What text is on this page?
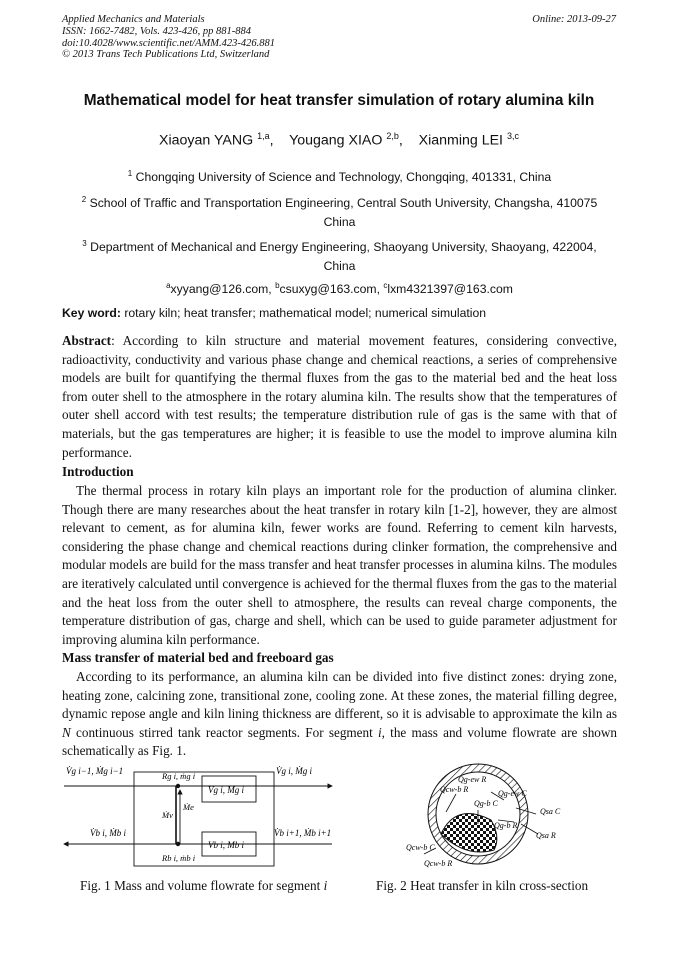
Applied Mechanics and Materials
ISSN: 1662-7482, Vols. 423-426, pp 881-884
doi:10.4028/www.scientific.net/AMM.423-426.881
© 2013 Trans Tech Publications Ltd, Switzerland
Online: 2013-09-27
Mathematical model for heat transfer simulation of rotary alumina kiln
Xiaoyan YANG $^{1,a}$,    Yougang XIAO $^{2,b}$,    Xianming LEI $^{3,c}$
$^1$ Chongqing University of Science and Technology, Chongqing, 401331, China
$^2$ School of Traffic and Transportation Engineering, Central South University, Changsha, 410075
China
$^3$ Department of Mechanical and Energy Engineering, Shaoyang University, Shaoyang, 422004,
China
$^a$xyyang@126.com, $^b$csuxyg@163.com, $^c$lxm4321397@163.com
Key word: rotary kiln; heat transfer; mathematical model; numerical simulation
Abstract: According to kiln structure and material movement features, considering convective, radioactivity, conductivity and various phase change and chemical reactions, a series of comprehensive models are built for quantifying the thermal fluxes from the gas to the material bed and the heat loss from outer shell to the atmosphere in the rotary alumina kiln. The results show that the temperatures of outer shell accord with test results; the temperature distribution rule of gas is the same with that of materials, but the gas temperatures are higher; it is feasible to use the model to improve alumina kiln performance.
Introduction
The thermal process in rotary kiln plays an important role for the production of alumina clinker. Though there are many researches about the heat transfer in rotary kiln [1-2], however, they are almost relevant to cement, as for alumina kiln, fewer works are found. Referring to cement kiln harvests, considering the phase change and chemical reactions during clinker formation, the comprehensive and modular models are build for the mass transfer and heat transfer processes in alumina kilns. The modules are iteratively calculated until convergence is achieved for the thermal fluxes from the gas to the material and the heat loss from the outer shell to atmosphere, the results can reveal charge components, the temperature distribution of gas, charge and shell, which can be used to guide parameter adjustment for improving alumina kiln performance.
Mass transfer of material bed and freeboard gas
According to its performance, an alumina kiln can be divided into five distinct zones: drying zone, heating zone, calcining zone, transitional zone, cooling zone. At these zones, the material filling degree, dynamic repose angle and kiln lining thickness are different, so it is advisable to approximate the kiln as N continuous stirred tank reactor segments. For segment i, the mass and volume flowrate are shown schematically as Fig. 1.
V̇g i−1, Ṁg i−1	V̇g i, Ṁg i
V̇b i, Ṁb i	V̇b i+1, Ṁb i+1
Rg i, ṁg i
Rb i, ṁb i
Vg i, Mg i
Vb i, Mb i
Ṁv
Ṁe
Qcw-b R
Qg-ew R
Qg-ew C
Qg-b C
Qg-b R
Qsa C
Qsa R
Qcw-b C
Qcw-b R
Fig. 1 Mass and volume flowrate for segment i	Fig. 2 Heat transfer in kiln cross-section
